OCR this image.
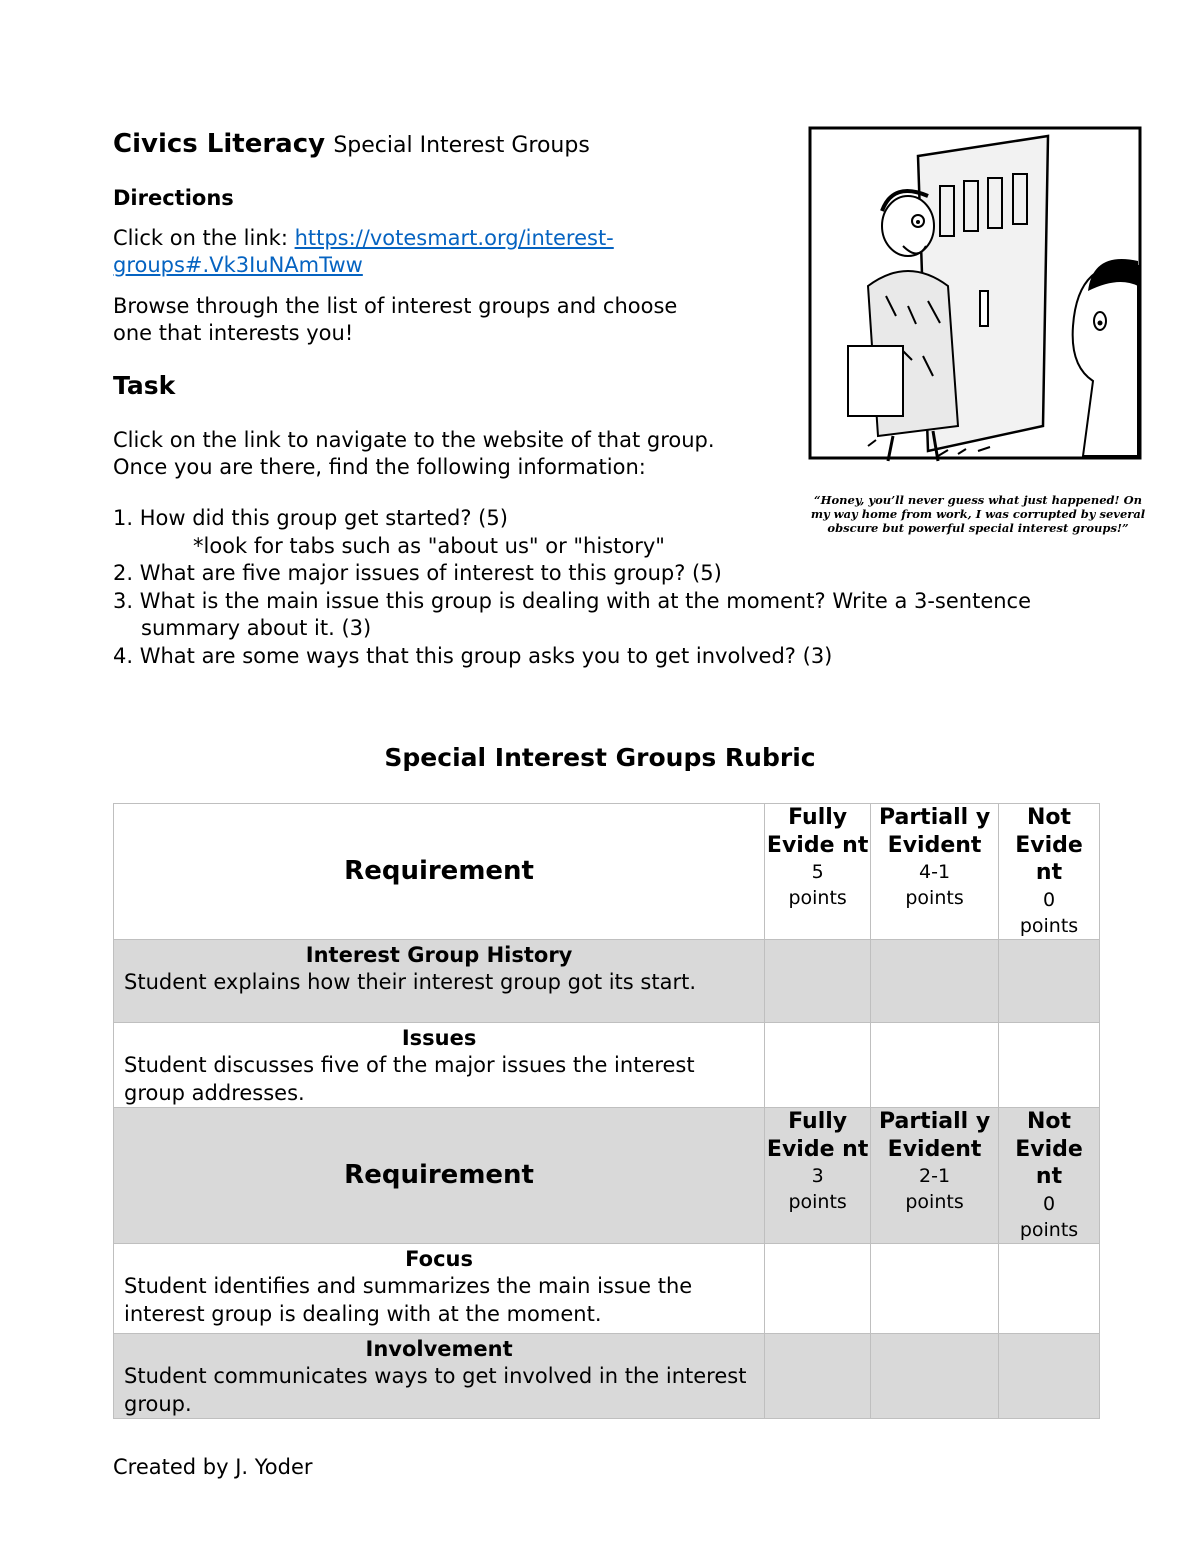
Civics Literacy Special Interest Groups
Directions
Click on the link: https://votesmart.org/interest-
groups#.Vk3IuNAmTww
Browse through the list of interest groups and choose
one that interests you!
Task
Click on the link to navigate to the website of that group.
Once you are there, find the following information:
1. How did this group get started? (5)
*look for tabs such as "about us" or "history"
2. What are five major issues of interest to this group? (5)
3. What is the main issue this group is dealing with at the moment? Write a 3-sentence summary about it. (3)
4. What are some ways that this group asks you to get involved? (3)
“Honey, you’ll never guess what just happened! On
my way home from work, I was corrupted by several
obscure but powerful special interest groups!”
Special Interest Groups Rubric
Requirement	Fully Evide nt
5
points	Partiall y Evident
4-1
points	Not Evide nt
0
points

Interest Group History
Student explains how their interest group got its start.			

Issues
Student discusses five of the major issues the interest group addresses.			
Requirement	Fully Evide nt
3
points	Partiall y Evident
2-1
points	Not Evide nt
0
points

Focus
Student identifies and summarizes the main issue the interest group is dealing with at the moment.			

Involvement
Student communicates ways to get involved in the interest group.			
Created by J. Yoder
